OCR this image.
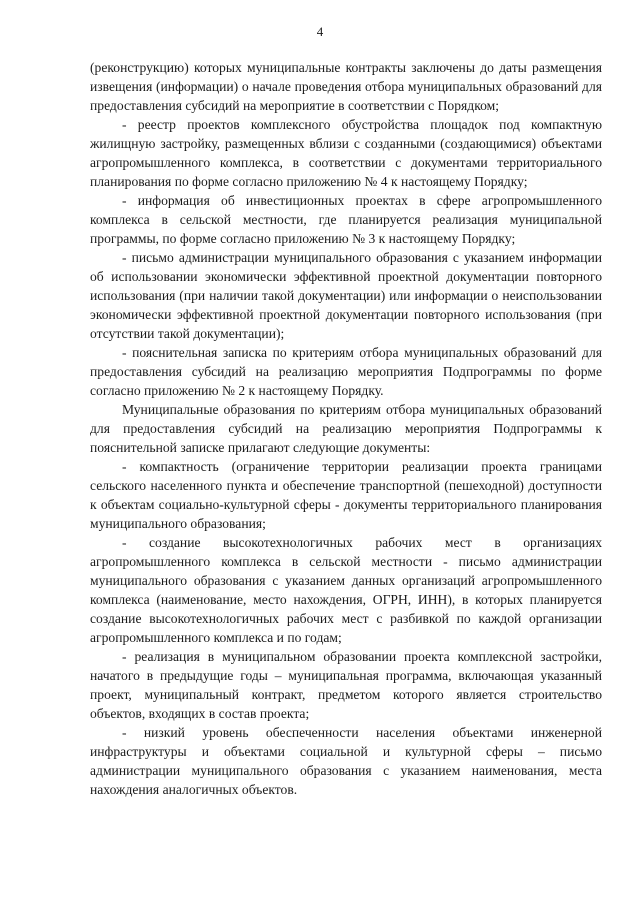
4

(реконструкцию) которых муниципальные контракты заключены до даты размещения извещения (информации) о начале проведения отбора муниципальных образований для предоставления субсидий на мероприятие в соответствии с Порядком;

- реестр проектов комплексного обустройства площадок под компактную жилищную застройку, размещенных вблизи с созданными (создающимися) объектами агропромышленного комплекса, в соответствии с документами территориального планирования по форме согласно приложению № 4 к настоящему Порядку;

- информация об инвестиционных проектах в сфере агропромышленного комплекса в сельской местности, где планируется реализация муниципальной программы, по форме согласно приложению № 3 к настоящему Порядку;

- письмо администрации муниципального образования с указанием информации об использовании экономически эффективной проектной документации повторного использования (при наличии такой документации) или информации о неиспользовании экономически эффективной проектной документации повторного использования (при отсутствии такой документации);

- пояснительная записка по критериям отбора муниципальных образований для предоставления субсидий на реализацию мероприятия Подпрограммы по форме согласно приложению № 2 к настоящему Порядку.

Муниципальные образования по критериям отбора муниципальных образований для предоставления субсидий на реализацию мероприятия Подпрограммы к пояснительной записке прилагают следующие документы:

- компактность (ограничение территории реализации проекта границами сельского населенного пункта и обеспечение транспортной (пешеходной) доступности к объектам социально-культурной сферы - документы территориального планирования муниципального образования;

- создание высокотехнологичных рабочих мест в организациях агропромышленного комплекса в сельской местности - письмо администрации муниципального образования с указанием данных организаций агропромышленного комплекса (наименование, место нахождения, ОГРН, ИНН), в которых планируется создание высокотехнологичных рабочих мест с разбивкой по каждой организации агропромышленного комплекса и по годам;

- реализация в муниципальном образовании проекта комплексной застройки, начатого в предыдущие годы – муниципальная программа, включающая указанный проект, муниципальный контракт, предметом которого является строительство объектов, входящих в состав проекта;

- низкий уровень обеспеченности населения объектами инженерной инфраструктуры и объектами социальной и культурной сферы – письмо администрации муниципального образования с указанием наименования, места нахождения аналогичных объектов.
